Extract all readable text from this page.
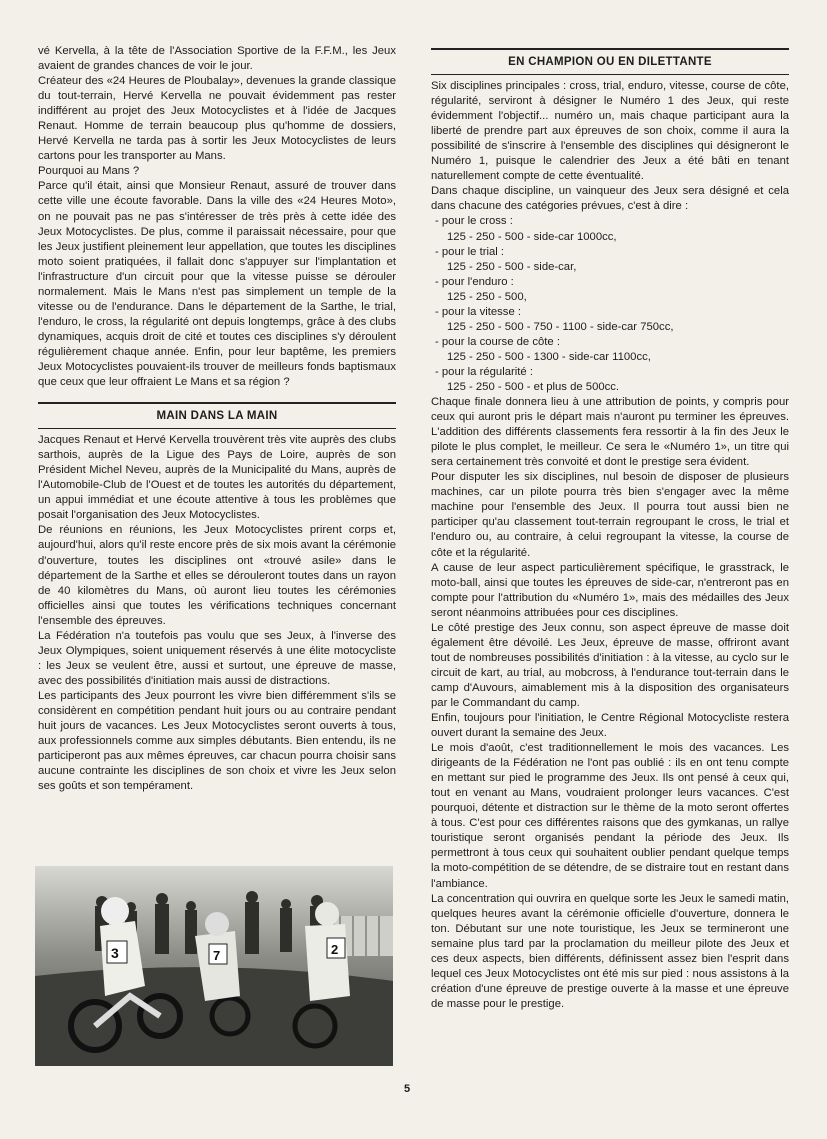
vé Kervella, à la tête de l'Association Sportive de la F.F.M., les Jeux avaient de grandes chances de voir le jour.

Créateur des «24 Heures de Ploubalay», devenues la grande classique du tout-terrain, Hervé Kervella ne pouvait évidemment pas rester indifférent au projet des Jeux Motocyclistes et à l'idée de Jacques Renaut. Homme de terrain beaucoup plus qu'homme de dossiers, Hervé Kervella ne tarda pas à sortir les Jeux Motocyclistes de leurs cartons pour les transporter au Mans.

Pourquoi au Mans ?

Parce qu'il était, ainsi que Monsieur Renaut, assuré de trouver dans cette ville une écoute favorable. Dans la ville des «24 Heures Moto», on ne pouvait pas ne pas s'intéresser de très près à cette idée des Jeux Motocyclistes. De plus, comme il paraissait nécessaire, pour que les Jeux justifient pleinement leur appellation, que toutes les disciplines moto soient pratiquées, il fallait donc s'appuyer sur l'implantation et l'infrastructure d'un circuit pour que la vitesse puisse se dérouler normalement. Mais le Mans n'est pas simplement un temple de la vitesse ou de l'endurance. Dans le département de la Sarthe, le trial, l'enduro, le cross, la régularité ont depuis longtemps, grâce à des clubs dynamiques, acquis droit de cité et toutes ces disciplines s'y déroulent régulièrement chaque année. Enfin, pour leur baptême, les premiers Jeux Motocyclistes pouvaient-ils trouver de meilleurs fonds baptismaux que ceux que leur offraient Le Mans et sa région ?

MAIN DANS LA MAIN

Jacques Renaut et Hervé Kervella trouvèrent très vite auprès des clubs sarthois, auprès de la Ligue des Pays de Loire, auprès de son Président Michel Neveu, auprès de la Municipalité du Mans, auprès de l'Automobile-Club de l'Ouest et de toutes les autorités du département, un appui immédiat et une écoute attentive à tous les problèmes que posait l'organisation des Jeux Motocyclistes.

De réunions en réunions, les Jeux Motocyclistes prirent corps et, aujourd'hui, alors qu'il reste encore près de six mois avant la cérémonie d'ouverture, toutes les disciplines ont «trouvé asile» dans le département de la Sarthe et elles se dérouleront toutes dans un rayon de 40 kilomètres du Mans, où auront lieu toutes les cérémonies officielles ainsi que toutes les vérifications techniques concernant l'ensemble des épreuves.

La Fédération n'a toutefois pas voulu que ses Jeux, à l'inverse des Jeux Olympiques, soient uniquement réservés à une élite motocycliste : les Jeux se veulent être, aussi et surtout, une épreuve de masse, avec des possibilités d'initiation mais aussi de distractions.

Les participants des Jeux pourront les vivre bien différemment s'ils se considèrent en compétition pendant huit jours ou au contraire pendant huit jours de vacances. Les Jeux Motocyclistes seront ouverts à tous, aux professionnels comme aux simples débutants. Bien entendu, ils ne participeront pas aux mêmes épreuves, car chacun pourra choisir sans aucune contrainte les disciplines de son choix et vivre les Jeux selon ses goûts et son tempérament.

3	7	2
EN CHAMPION OU EN DILETTANTE

Six disciplines principales : cross, trial, enduro, vitesse, course de côte, régularité, serviront à désigner le Numéro 1 des Jeux, qui reste évidemment l'objectif... numéro un, mais chaque participant aura la liberté de prendre part aux épreuves de son choix, comme il aura la possibilité de s'inscrire à l'ensemble des disciplines qui désigneront le Numéro 1, puisque le calendrier des Jeux a été bâti en tenant naturellement compte de cette éventualité.

Dans chaque discipline, un vainqueur des Jeux sera désigné et cela dans chacune des catégories prévues, c'est à dire :

- pour le cross :
125 - 250 - 500 - side-car 1000cc,
- pour le trial :
125 - 250 - 500 - side-car,
- pour l'enduro :
125 - 250 - 500,
- pour la vitesse :
125 - 250 - 500 - 750 - 1100 - side-car 750cc,
- pour la course de côte :
125 - 250 - 500 - 1300 - side-car 1100cc,
- pour la régularité :
125 - 250 - 500 - et plus de 500cc.

Chaque finale donnera lieu à une attribution de points, y compris pour ceux qui auront pris le départ mais n'auront pu terminer les épreuves. L'addition des différents classements fera ressortir à la fin des Jeux le pilote le plus complet, le meilleur. Ce sera le «Numéro 1», un titre qui sera certainement très convoité et dont le prestige sera évident.

Pour disputer les six disciplines, nul besoin de disposer de plusieurs machines, car un pilote pourra très bien s'engager avec la même machine pour l'ensemble des Jeux. Il pourra tout aussi bien ne participer qu'au classement tout-terrain regroupant le cross, le trial et l'enduro ou, au contraire, à celui regroupant la vitesse, la course de côte et la régularité.

A cause de leur aspect particulièrement spécifique, le grasstrack, le moto-ball, ainsi que toutes les épreuves de side-car, n'entreront pas en compte pour l'attribution du «Numéro 1», mais des médailles des Jeux seront néanmoins attribuées pour ces disciplines.

Le côté prestige des Jeux connu, son aspect épreuve de masse doit également être dévoilé. Les Jeux, épreuve de masse, offriront avant tout de nombreuses possibilités d'initiation : à la vitesse, au cyclo sur le circuit de kart, au trial, au mobcross, à l'endurance tout-terrain dans le camp d'Auvours, aimablement mis à la disposition des organisateurs par le Commandant du camp.

Enfin, toujours pour l'initiation, le Centre Régional Motocycliste restera ouvert durant la semaine des Jeux.

Le mois d'août, c'est traditionnellement le mois des vacances. Les dirigeants de la Fédération ne l'ont pas oublié : ils en ont tenu compte en mettant sur pied le programme des Jeux. Ils ont pensé à ceux qui, tout en venant au Mans, voudraient prolonger leurs vacances. C'est pourquoi, détente et distraction sur le thème de la moto seront offertes à tous. C'est pour ces différentes raisons que des gymkanas, un rallye touristique seront organisés pendant la période des Jeux. Ils permettront à tous ceux qui souhaitent oublier pendant quelque temps la moto-compétition de se détendre, de se distraire tout en restant dans l'ambiance.

La concentration qui ouvrira en quelque sorte les Jeux le samedi matin, quelques heures avant la cérémonie officielle d'ouverture, donnera le ton. Débutant sur une note touristique, les Jeux se termineront une semaine plus tard par la proclamation du meilleur pilote des Jeux et ces deux aspects, bien différents, définissent assez bien l'esprit dans lequel ces Jeux Motocyclistes ont été mis sur pied : nous assistons à la création d'une épreuve de prestige ouverte à la masse et une épreuve de masse pour le prestige.

5
